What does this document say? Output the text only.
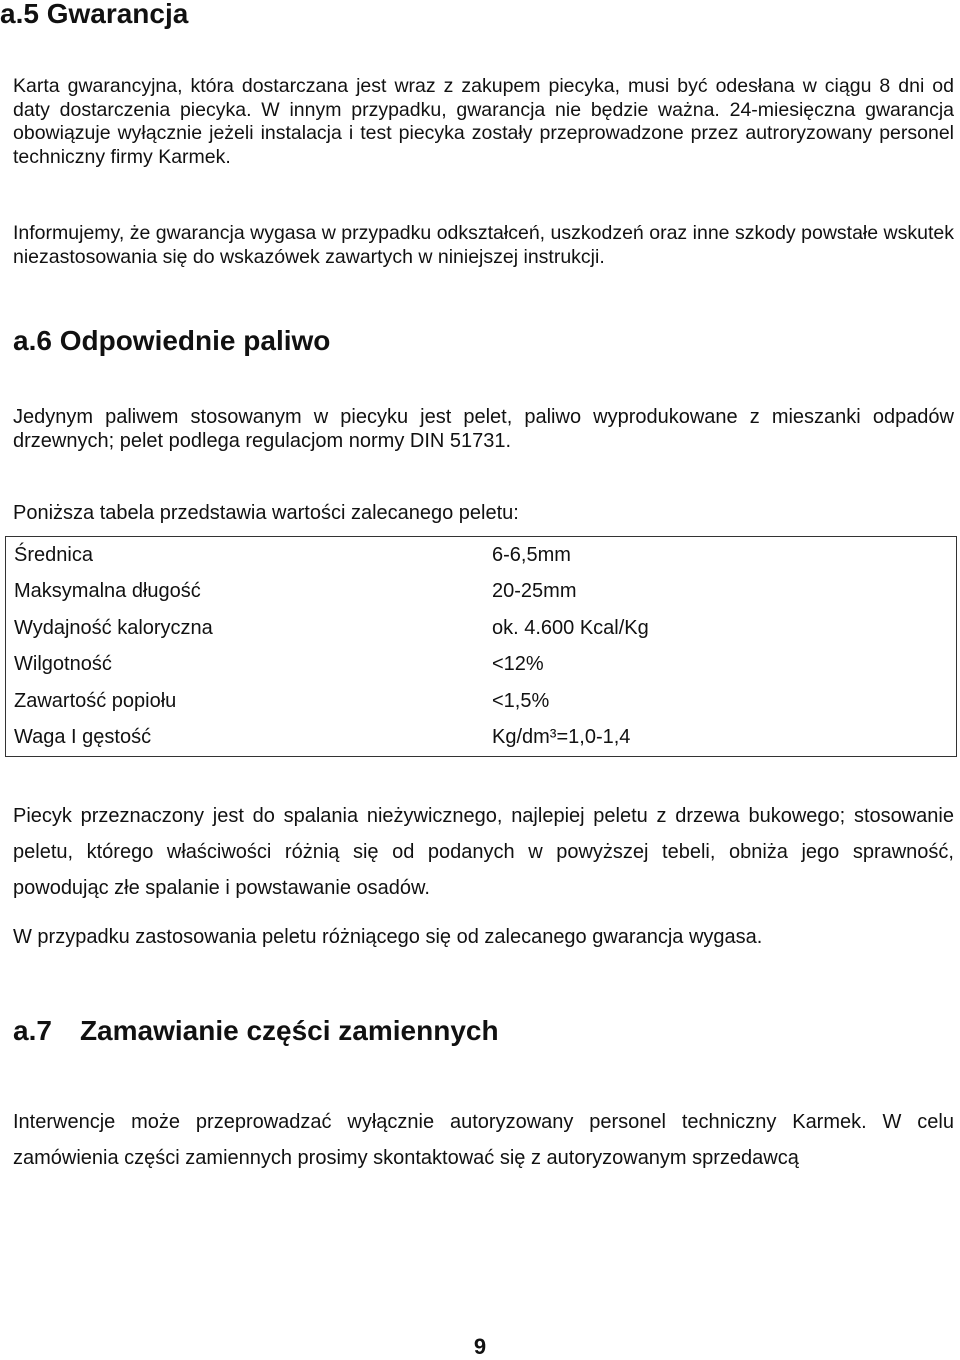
a.5 Gwarancja

Karta gwarancyjna, która dostarczana jest wraz z zakupem piecyka, musi być odesłana w ciągu 8 dni od daty dostarczenia piecyka. W innym przypadku, gwarancja nie będzie ważna. 24-miesięczna gwarancja obowiązuje wyłącznie jeżeli instalacja i test piecyka zostały przeprowadzone przez autroryzowany personel techniczny firmy Karmek.

Informujemy, że gwarancja wygasa w przypadku odkształceń, uszkodzeń oraz inne szkody powstałe wskutek niezastosowania się do wskazówek zawartych w niniejszej instrukcji.

a.6 Odpowiednie paliwo

Jedynym paliwem stosowanym w piecyku jest pelet, paliwo wyprodukowane z mieszanki odpadów drzewnych; pelet podlega regulacjom normy DIN 51731.

Poniższa tabela przedstawia wartości zalecanego peletu:

Średnica	6-6,5mm
Maksymalna długość	20-25mm
Wydajność kaloryczna	ok. 4.600 Kcal/Kg
Wilgotność	<12%
Zawartość popiołu	<1,5%
Waga I gęstość	Kg/dm³=1,0-1,4

Piecyk przeznaczony jest do spalania nieżywicznego, najlepiej peletu z drzewa bukowego; stosowanie peletu, którego właściwości różnią się od podanych w powyższej tebeli, obniża jego sprawność, powodując złe spalanie i powstawanie osadów.

W przypadku zastosowania peletu różniącego się od zalecanego gwarancja wygasa.

a.7 Zamawianie części zamiennych

Interwencje może przeprowadzać wyłącznie autoryzowany personel techniczny Karmek. W celu zamówienia części zamiennych prosimy skontaktować się z autoryzowanym sprzedawcą

9
